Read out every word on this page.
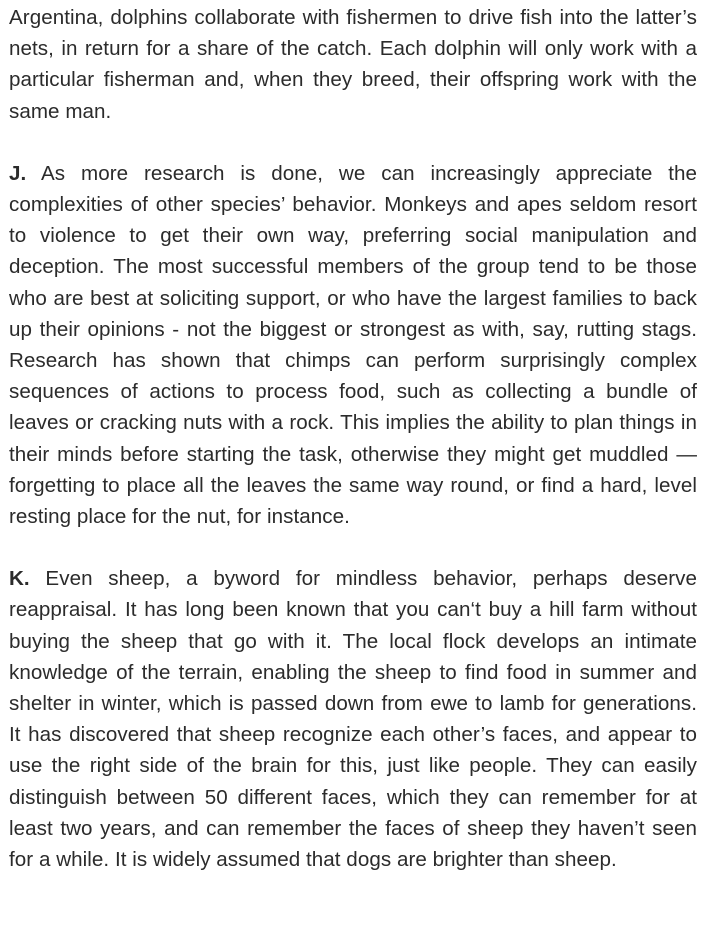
Argentina, dolphins collaborate with fishermen to drive fish into the latter’s nets, in return for a share of the catch. Each dolphin will only work with a particular fisherman and, when they breed, their offspring work with the same man.

J. As more research is done, we can increasingly appreciate the complexities of other species’ behavior. Monkeys and apes seldom resort to violence to get their own way, preferring social manipulation and deception. The most successful members of the group tend to be those who are best at soliciting support, or who have the largest families to back up their opinions - not the biggest or strongest as with, say, rutting stags. Research has shown that chimps can perform surprisingly complex sequences of actions to process food, such as collecting a bundle of leaves or cracking nuts with a rock. This implies the ability to plan things in their minds before starting the task, otherwise they might get muddled — forgetting to place all the leaves the same way round, or find a hard, level resting place for the nut, for instance.

K. Even sheep, a byword for mindless behavior, perhaps deserve reappraisal. It has long been known that you can‘t buy a hill farm without buying the sheep that go with it. The local flock develops an intimate knowledge of the terrain, enabling the sheep to find food in summer and shelter in winter, which is passed down from ewe to lamb for generations. It has discovered that sheep recognize each other’s faces, and appear to use the right side of the brain for this, just like people. They can easily distinguish between 50 different faces, which they can remember for at least two years, and can remember the faces of sheep they haven’t seen for a while. It is widely assumed that dogs are brighter than sheep.
